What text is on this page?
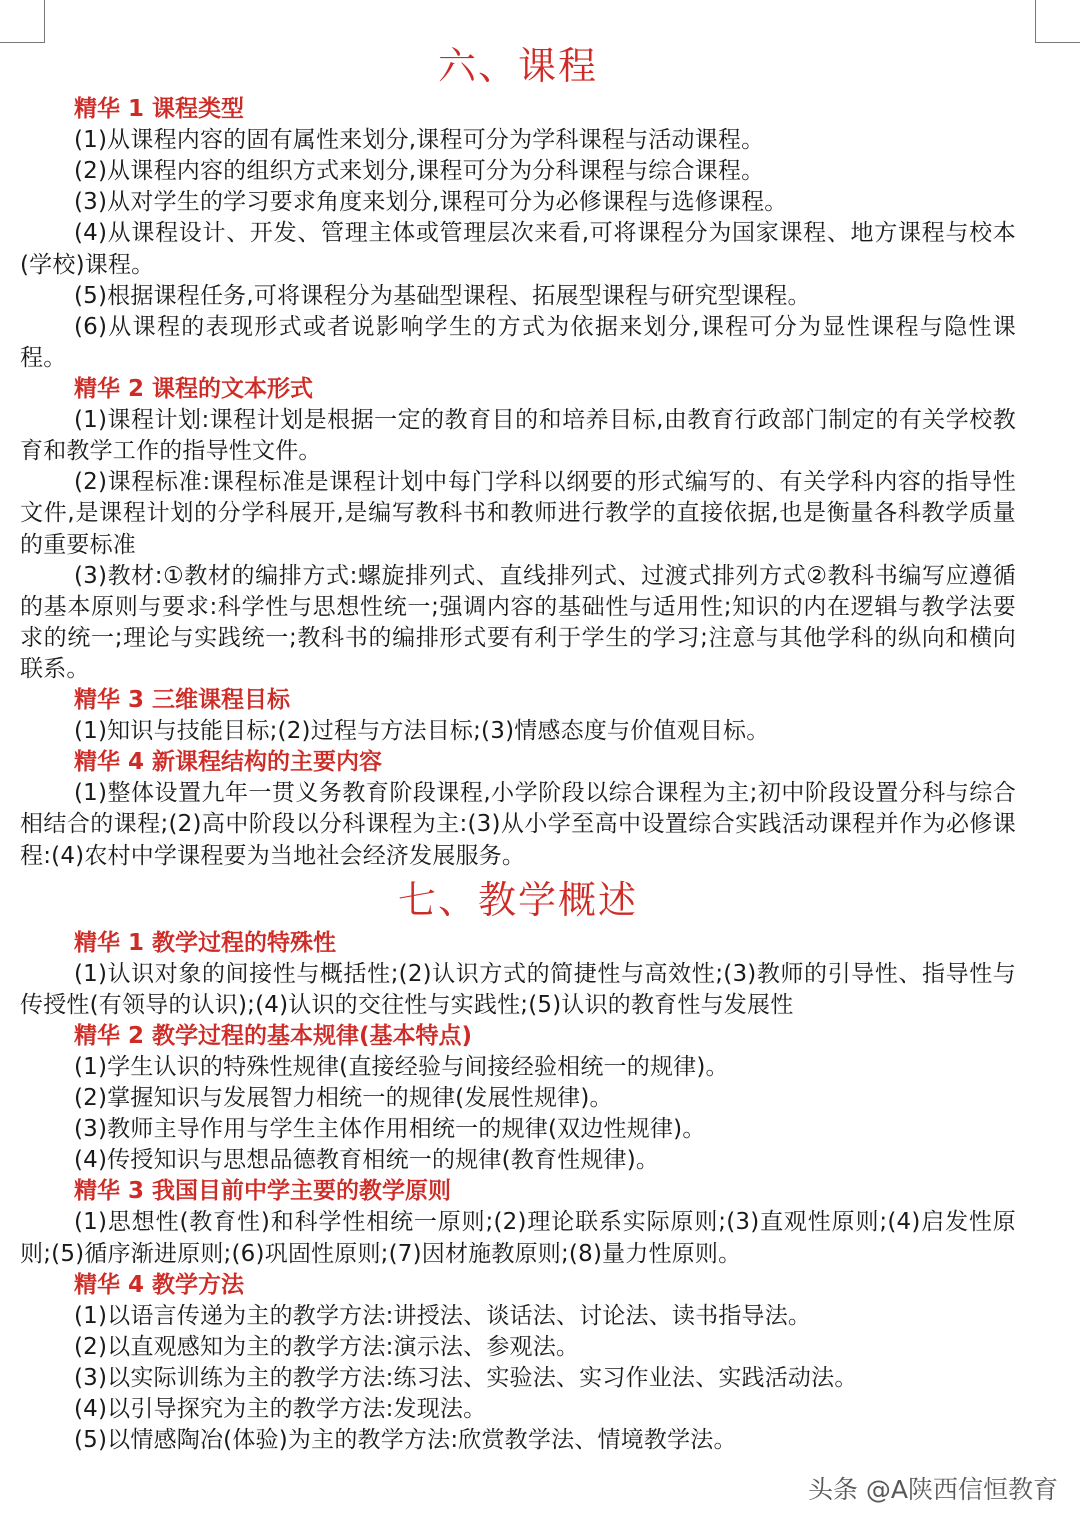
六、课程
精华 1 课程类型

(1)从课程内容的固有属性来划分,课程可分为学科课程与活动课程。

(2)从课程内容的组织方式来划分,课程可分为分科课程与综合课程。

(3)从对学生的学习要求角度来划分,课程可分为必修课程与选修课程。

(4)从课程设计、开发、管理主体或管理层次来看,可将课程分为国家课程、地方课程与校本(学校)课程。

(5)根据课程任务,可将课程分为基础型课程、拓展型课程与研究型课程。

(6)从课程的表现形式或者说影响学生的方式为依据来划分,课程可分为显性课程与隐性课程。

精华 2 课程的文本形式

(1)课程计划:课程计划是根据一定的教育目的和培养目标,由教育行政部门制定的有关学校教育和教学工作的指导性文件。

(2)课程标准:课程标准是课程计划中每门学科以纲要的形式编写的、有关学科内容的指导性文件,是课程计划的分学科展开,是编写教科书和教师进行教学的直接依据,也是衡量各科教学质量的重要标准

(3)教材:①教材的编排方式:螺旋排列式、直线排列式、过渡式排列方式②教科书编写应遵循的基本原则与要求:科学性与思想性统一;强调内容的基础性与适用性;知识的内在逻辑与教学法要求的统一;理论与实践统一;教科书的编排形式要有利于学生的学习;注意与其他学科的纵向和横向联系。

精华 3 三维课程目标

(1)知识与技能目标;(2)过程与方法目标;(3)情感态度与价值观目标。

精华 4 新课程结构的主要内容

(1)整体设置九年一贯义务教育阶段课程,小学阶段以综合课程为主;初中阶段设置分科与综合相结合的课程;(2)高中阶段以分科课程为主:(3)从小学至高中设置综合实践活动课程并作为必修课程:(4)农村中学课程要为当地社会经济发展服务。

七、教学概述
精华 1 教学过程的特殊性

(1)认识对象的间接性与概括性;(2)认识方式的简捷性与高效性;(3)教师的引导性、指导性与传授性(有领导的认识);(4)认识的交往性与实践性;(5)认识的教育性与发展性

精华 2 教学过程的基本规律(基本特点)

(1)学生认识的特殊性规律(直接经验与间接经验相统一的规律)。

(2)掌握知识与发展智力相统一的规律(发展性规律)。

(3)教师主导作用与学生主体作用相统一的规律(双边性规律)。

(4)传授知识与思想品德教育相统一的规律(教育性规律)。

精华 3 我国目前中学主要的教学原则

(1)思想性(教育性)和科学性相统一原则;(2)理论联系实际原则;(3)直观性原则;(4)启发性原则;(5)循序渐进原则;(6)巩固性原则;(7)因材施教原则;(8)量力性原则。

精华 4 教学方法

(1)以语言传递为主的教学方法:讲授法、谈话法、讨论法、读书指导法。

(2)以直观感知为主的教学方法:演示法、参观法。

(3)以实际训练为主的教学方法:练习法、实验法、实习作业法、实践活动法。

(4)以引导探究为主的教学方法:发现法。

(5)以情感陶冶(体验)为主的教学方法:欣赏教学法、情境教学法。

头条 @A陕西信恒教育
